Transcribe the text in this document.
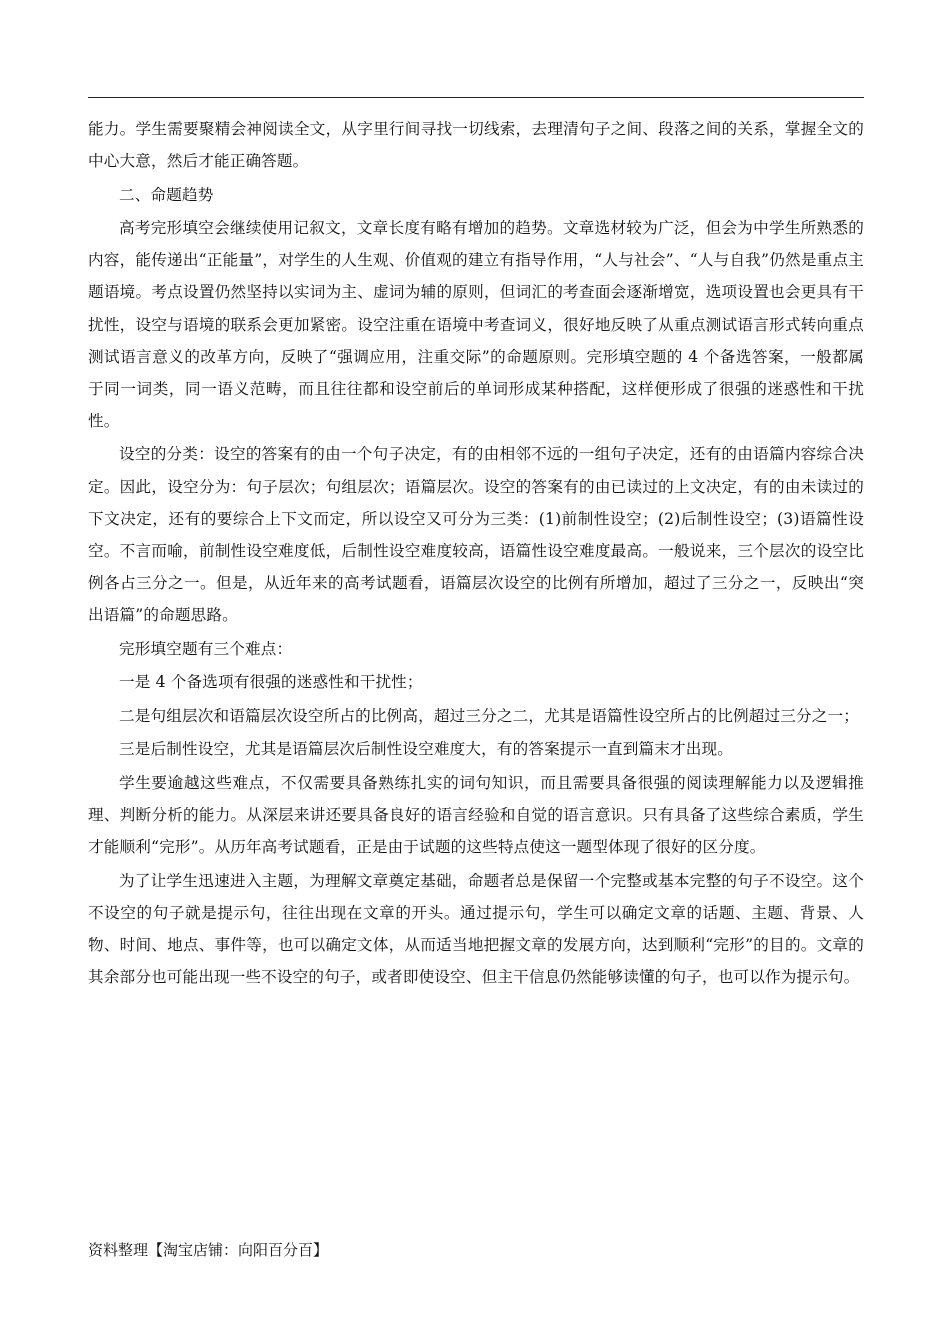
能力。学生需要聚精会神阅读全文，从字里行间寻找一切线索，去理清句子之间、段落之间的关系，掌握全文的中心大意，然后才能正确答题。

二、命题趋势

高考完形填空会继续使用记叙文，文章长度有略有增加的趋势。文章选材较为广泛，但会为中学生所熟悉的内容，能传递出“正能量”，对学生的人生观、价值观的建立有指导作用，“人与社会”、“人与自我”仍然是重点主题语境。考点设置仍然坚持以实词为主、虚词为辅的原则，但词汇的考查面会逐渐增宽，选项设置也会更具有干扰性，设空与语境的联系会更加紧密。设空注重在语境中考查词义，很好地反映了从重点测试语言形式转向重点测试语言意义的改革方向，反映了“强调应用，注重交际”的命题原则。完形填空题的 4 个备选答案，一般都属于同一词类，同一语义范畴，而且往往都和设空前后的单词形成某种搭配，这样便形成了很强的迷惑性和干扰性。

设空的分类：设空的答案有的由一个句子决定，有的由相邻不远的一组句子决定，还有的由语篇内容综合决定。因此，设空分为：句子层次；句组层次；语篇层次。设空的答案有的由已读过的上文决定，有的由未读过的下文决定，还有的要综合上下文而定，所以设空又可分为三类：(1)前制性设空；(2)后制性设空；(3)语篇性设空。不言而喻，前制性设空难度低，后制性设空难度较高，语篇性设空难度最高。一般说来，三个层次的设空比例各占三分之一。但是，从近年来的高考试题看，语篇层次设空的比例有所增加，超过了三分之一，反映出“突出语篇”的命题思路。

完形填空题有三个难点：

一是 4 个备选项有很强的迷惑性和干扰性；

二是句组层次和语篇层次设空所占的比例高，超过三分之二，尤其是语篇性设空所占的比例超过三分之一；

三是后制性设空，尤其是语篇层次后制性设空难度大，有的答案提示一直到篇末才出现。

学生要逾越这些难点，不仅需要具备熟练扎实的词句知识，而且需要具备很强的阅读理解能力以及逻辑推理、判断分析的能力。从深层来讲还要具备良好的语言经验和自觉的语言意识。只有具备了这些综合素质，学生才能顺利“完形”。从历年高考试题看，正是由于试题的这些特点使这一题型体现了很好的区分度。

为了让学生迅速进入主题，为理解文章奠定基础，命题者总是保留一个完整或基本完整的句子不设空。这个不设空的句子就是提示句，往往出现在文章的开头。通过提示句，学生可以确定文章的话题、主题、背景、人物、时间、地点、事件等，也可以确定文体，从而适当地把握文章的发展方向，达到顺利“完形”的目的。文章的其余部分也可能出现一些不设空的句子，或者即使设空、但主干信息仍然能够读懂的句子，也可以作为提示句。

资料整理【淘宝店铺：向阳百分百】
